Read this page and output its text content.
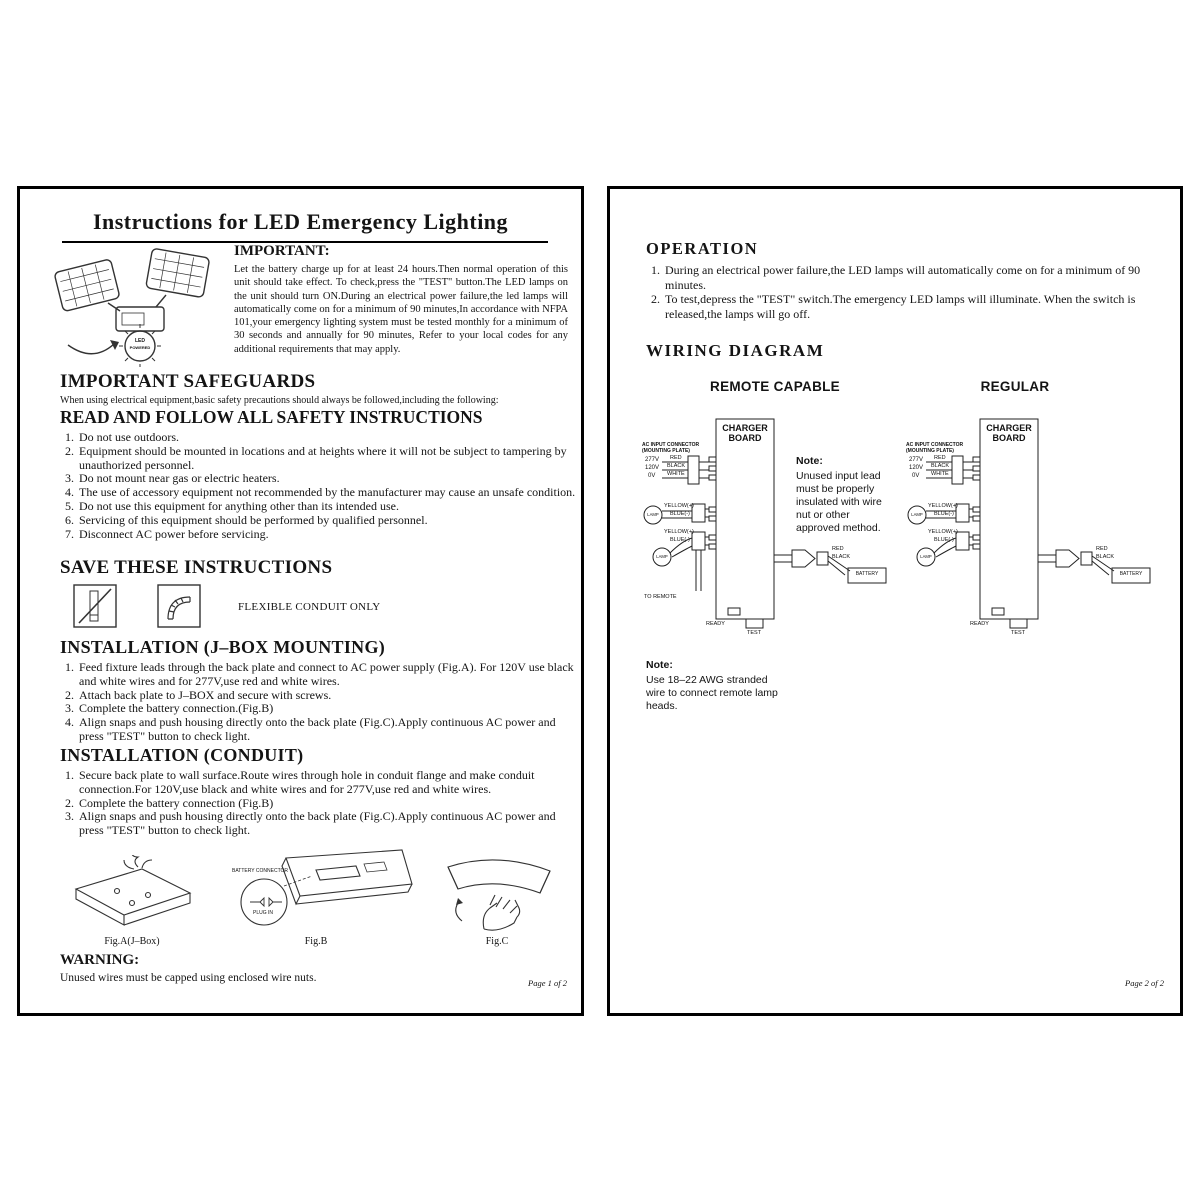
Instructions for LED Emergency Lighting
LED
POWERED
IMPORTANT:
Let the battery charge up for at least 24 hours.Then normal operation of this unit should take effect. To check,press the "TEST" button.The LED lamps on the unit should turn ON.During an electrical power failure,the led lamps will automatically come on for a minimum of 90 minutes,In accordance with NFPA 101,your emergency lighting system must be tested monthly for a minimum of 30 seconds and annually for 90 minutes, Refer to your local codes for any additional requirements that may apply.
IMPORTANT SAFEGUARDS
When using electrical equipment,basic safety precautions should always be followed,including the following:
READ AND FOLLOW ALL SAFETY INSTRUCTIONS
1. Do not use outdoors.
2. Equipment should be mounted in locations and at heights where it will not be subject to tampering by unauthorized personnel.
3. Do not mount near gas or electric heaters.
4. The use of accessory equipment not recommended by the manufacturer may cause an unsafe condition.
5. Do not use this equipment for anything other than its intended use.
6. Servicing of this equipment should be performed by qualified personnel.
7. Disconnect AC power before servicing.
SAVE THESE INSTRUCTIONS
FLEXIBLE CONDUIT ONLY
INSTALLATION (J–BOX MOUNTING)
1. Feed fixture leads through the back plate and connect to AC power supply (Fig.A). For 120V use black and white wires and for 277V,use red and white wires.
2. Attach back plate to J–BOX and secure with screws.
3. Complete the battery connection.(Fig.B)
4. Align snaps and push housing directly onto the back plate (Fig.C).Apply continuous AC power and press "TEST" button to check light.
INSTALLATION (CONDUIT)
1. Secure back plate to wall surface.Route wires through hole in conduit flange and make conduit connection.For 120V,use black and white wires and for 277V,use red and white wires.
2. Complete the battery connection (Fig.B)
3. Align snaps and push housing directly onto the back plate (Fig.C).Apply continuous AC power and press "TEST" button to check light.
Fig.A(J–Box)
BATTERY CONNECTOR
PLUG IN
Fig.B	Fig.C
WARNING:
Unused wires must be capped using enclosed wire nuts.	Page 1 of 2
OPERATION
1. During an electrical power failure,the LED lamps will automatically come on for a minimum of 90 minutes.
2. To test,depress the "TEST" switch.The emergency LED lamps will illuminate. When the switch is released,the lamps will go off.
WIRING DIAGRAM
REMOTE CAPABLE	REGULAR
CHARGER BOARD
AC INPUT CONNECTOR
(MOUNTING PLATE)
277V
120V
0V
RED
BLACK
WHITE
YELLOW(+)
BLUE(-)
LAMP
YELLOW(+)
BLUE(-)
LAMP
TO REMOTE
READY
TEST
RED
BLACK
BATTERY
Note:
Unused input lead must be properly insulated with wire nut or other approved method.
CHARGER BOARD
AC INPUT CONNECTOR
(MOUNTING PLATE)
277V
120V
0V
RED
BLACK
WHITE
YELLOW(+)
BLUE(-)
LAMP
YELLOW(+)
BLUE(-)
LAMP
READY
TEST
RED
BLACK
BATTERY
Note:
Use 18–22 AWG stranded wire to connect remote lamp heads.
Page 2 of 2
